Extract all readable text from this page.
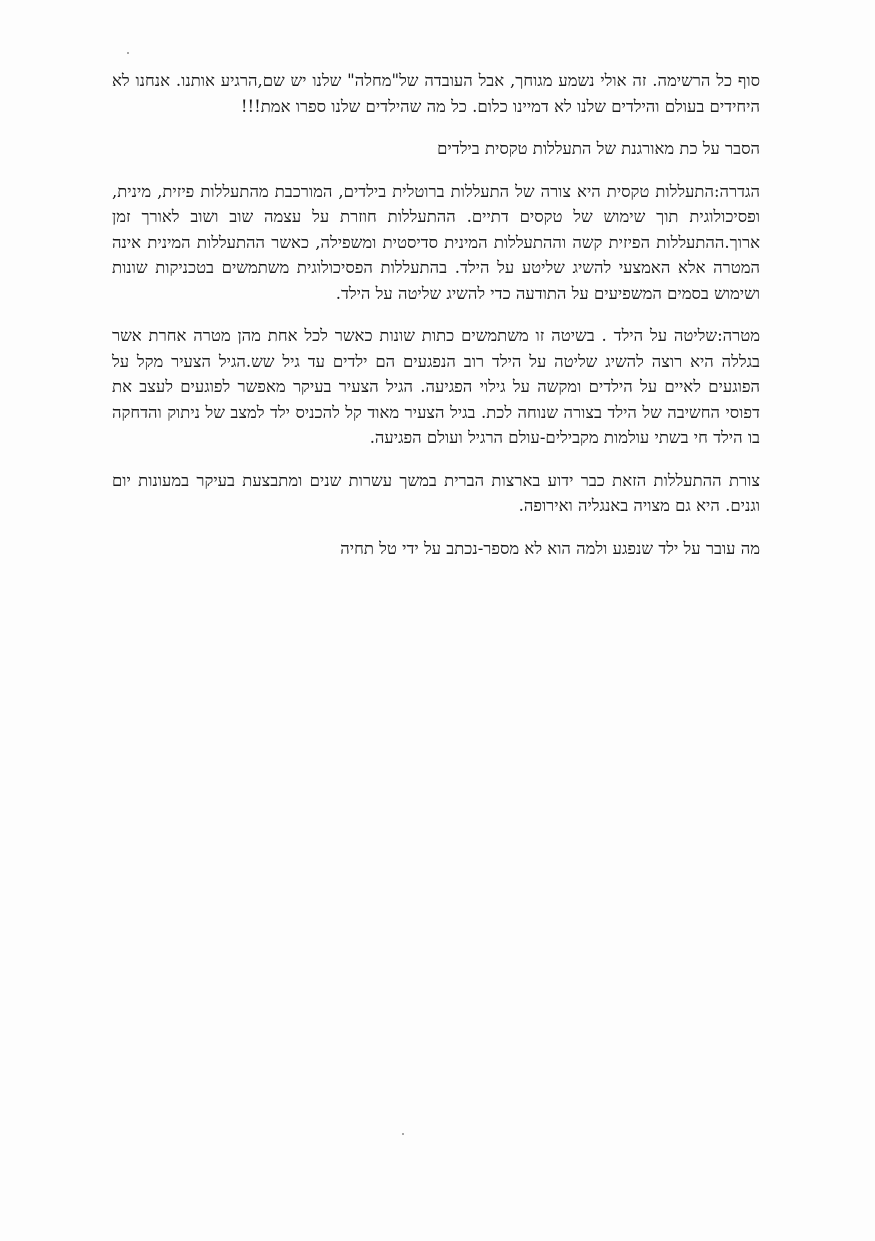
סוף כל הרשימה. זה אולי נשמע מגוחך, אבל העובדה של"מחלה" שלנו יש שם,הרגיע אותנו. אנחנו לא היחידים בעולם והילדים שלנו לא דמיינו כלום. כל מה שהילדים שלנו ספרו אמת!!!

הסבר על כת מאורגנת של התעללות טקסית בילדים

הגדרה:התעללות טקסית היא צורה של התעללות ברוטלית בילדים, המורכבת מהתעללות פיזית, מינית, ופסיכולוגית תוך שימוש של טקסים דתיים. ההתעללות חוזרת על עצמה שוב ושוב לאורך זמן ארוך.ההתעללות הפיזית קשה וההתעללות המינית סדיסטית ומשפילה, כאשר ההתעללות המינית אינה המטרה אלא האמצעי להשיג שליטע על הילד. בהתעללות הפסיכולוגית משתמשים בטכניקות שונות ושימוש בסמים המשפיעים על התודעה כדי להשיג שליטה על הילד.

מטרה:שליטה על הילד . בשיטה זו משתמשים כתות שונות כאשר לכל אחת מהן מטרה אחרת אשר בגללה היא רוצה להשיג שליטה על הילד רוב הנפגעים הם ילדים עד גיל שש.הגיל הצעיר מקל על הפוגעים לאיים על הילדים ומקשה על גילוי הפגיעה. הגיל הצעיר בעיקר מאפשר לפוגעים לעצב את דפוסי החשיבה של הילד בצורה שנוחה לכת. בגיל הצעיר מאוד קל להכניס ילד למצב של ניתוק והדחקה בו הילד חי בשתי עולמות מקבילים-עולם הרגיל ועולם הפגיעה.

צורת ההתעללות הזאת כבר ידוע בארצות הברית במשך עשרות שנים ומתבצעת בעיקר במעונות יום וגנים. היא גם מצויה באנגליה ואירופה.

מה עובר על ילד שנפגע ולמה הוא לא מספר-נכתב על ידי טל תחיה
